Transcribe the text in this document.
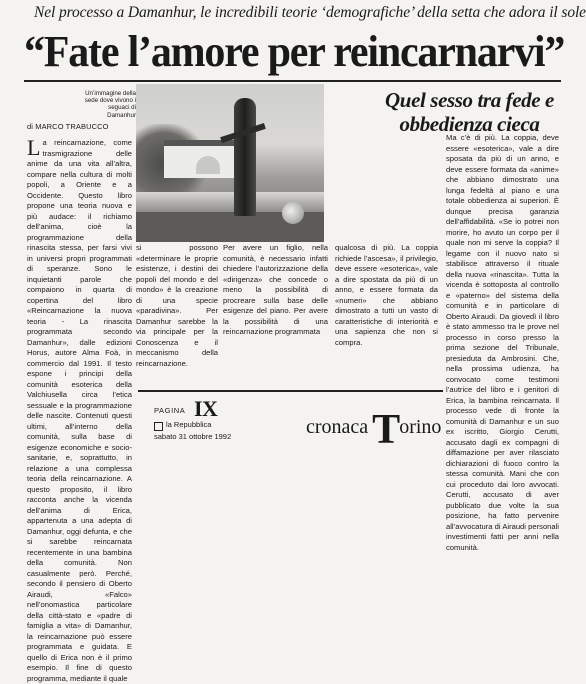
Nel processo a Damanhur, le incredibili teorie ‘demografiche’ della setta che adora il sole
“Fate l’amore per reincarnarvi”
Un’immagine della sede dove vivono i seguaci di Damanhur
Quel sesso tra fede e obbedienza cieca
di MARCO TRABUCCO
L a reincarnazione, come trasmigrazione delle anime da una vita all’altra, compare nella cultura di molti popoli, a Oriente e a Occidente. Questo libro propone una teoria nuova e più audace: il richiamo dell’anima, cioè la programmazione della rinascita stessa, per farsi vivi in universi propri programmati di speranze. Sono le inquietanti parole che compaiono in quarta di copertina del libro «Reincarnazione la nuova teoria - La rinascita programmata secondo Damanhur», dalle edizioni Horus, autore Alma Foà, in commercio dal 1991. Il testo espone i principi della comunità esoterica della Valchiusella circa l’etica sessuale e la programmazione delle nascite. Contenuti questi ultimi, all’interno della comunità, sulla base di esigenze economiche e socio-sanitarie, e, soprattutto, in relazione a una complessa teoria della reincarnazione. A questo proposito, il libro racconta anche la vicenda dell’anima di Erica, appartenuta a una adepta di Damanhur, oggi defunta, e che si sarebbe reincarnata recentemente in una bambina della comunità. Non casualmente però. Perché, secondo il pensiero di Oberto Airaudi, «Falco» nell’onomastica particolare della città-stato e «padre di famiglia a vita» di Damanhur, la reincarnazione può essere programmata e guidata. E quello di Erica non è il primo esempio. Il fine di questo programma, mediante il quale
si possono «determinare le proprie esistenze, i destini dei popoli del mondo e del mondo» è la creazione di una specie «paradivina». Per Damanhur sarebbe la via principale per la Conoscenza e il meccanismo della reincarnazione.
Per avere un figlio, nella comunità, è necessario infatti chiedere l’autorizzazione della «dirigenza» che concede o meno la possibilità di procreare sulla base delle esigenze del piano. Per avere la possibilità di una reincarnazione programmata
qualcosa di più. La coppia richiede l’ascesa», il privilegio, deve essere «esoterica», vale a dire spostata da più di un anno, e essere formata da «numeri» che abbiano dimostrato a tutti un vasto di caratteristiche di interiorità e una sapienza che non si compra.
Ma c’è di più. La coppia, deve essere «esoterica», vale a dire sposata da più di un anno, e deve essere formata da «anime» che abbiano dimostrato una lunga fedeltà al piano e una totale obbedienza ai superiori. È dunque precisa garanzia dell’affidabilità. «Se io potrei non morire, ho avuto un corpo per il quale non mi serve la coppia? Il legame con il nuovo nato si stabilisce attraverso il rituale della nuova «rinascita». Tutta la vicenda è sottoposta al controllo e «paterno» del sistema della comunità e in particolare di Oberto Airaudi. Da giovedì il libro è stato ammesso tra le prove nel processo in corso presso la prima sezione del Tribunale, presieduta da Ambrosini. Che, nella prossima udienza, ha convocato come testimoni l’autrice del libro e i genitori di Erica, la bambina reincarnata. Il processo vede di fronte la comunità di Damanhur e un suo ex iscritto, Giorgio Cerutti, accusato dagli ex compagni di diffamazione per aver rilasciato dichiarazioni di fuoco contro la stessa comunità. Mani che con cui proceduto dai loro avvocati. Cerutti, accusato di aver pubblicato due volte la sua posizione, ha fatto pervenire all’avvocatura di Airaudi personali investimenti fatti per anni nella comunità.
PAGINA IX
la Repubblica
sabato 31 ottobre 1992	cronaca Torino
